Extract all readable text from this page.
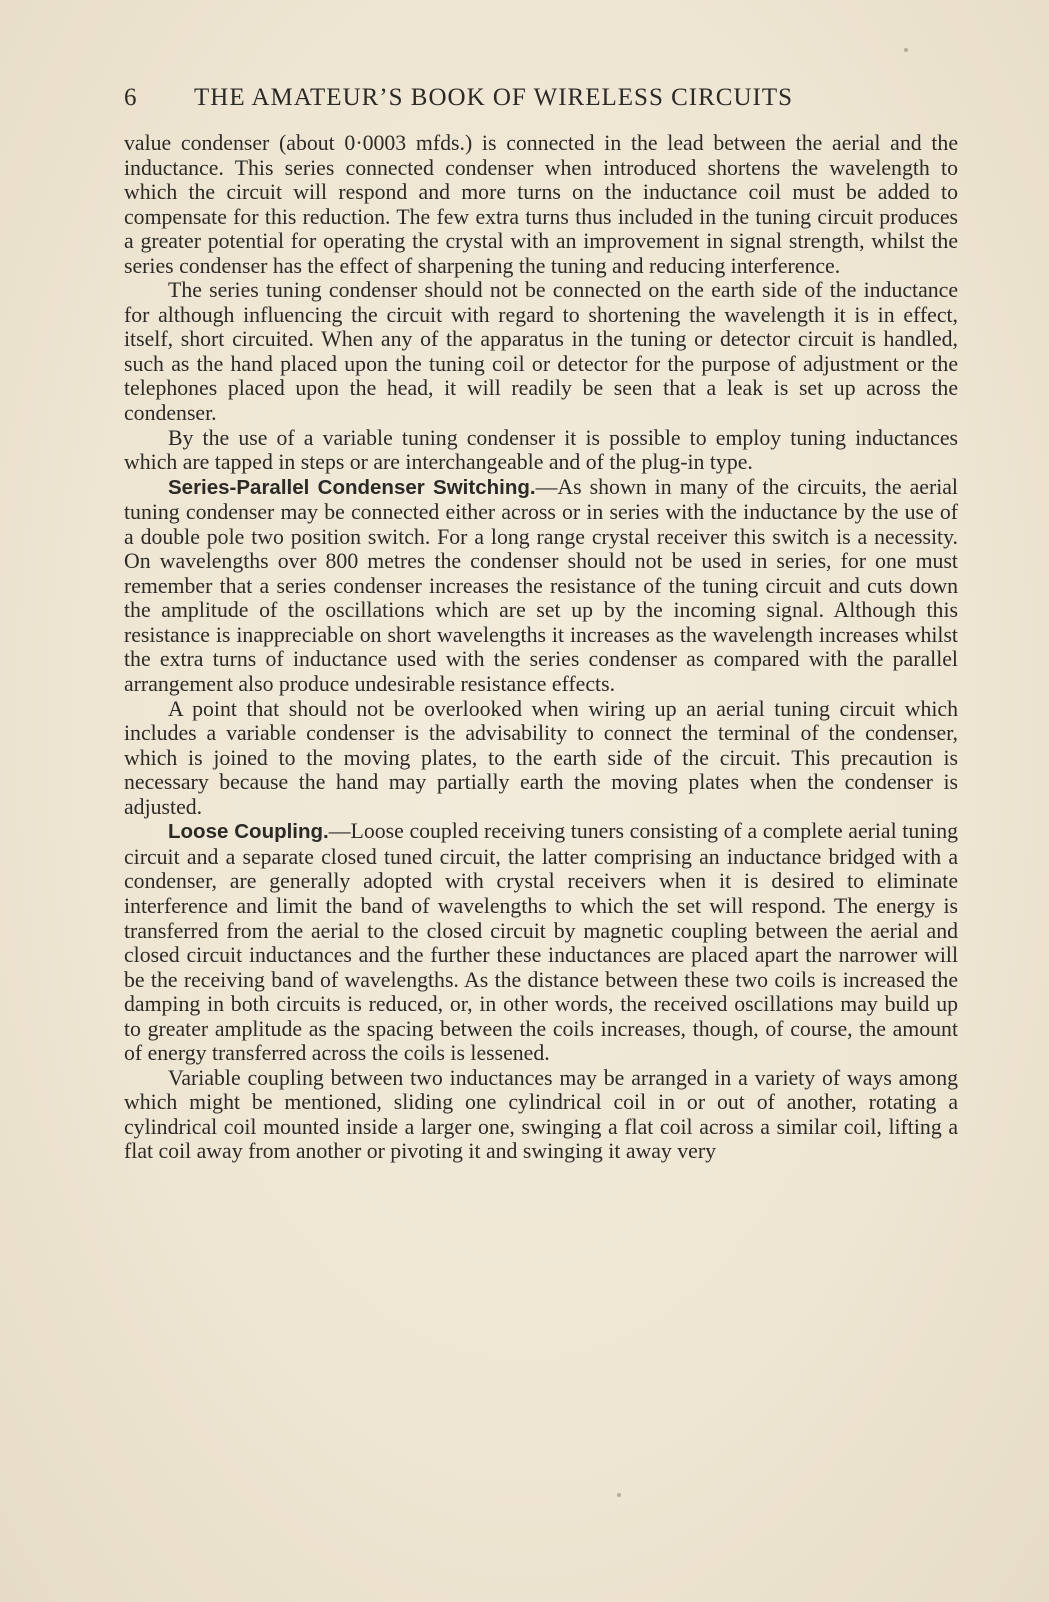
6 THE AMATEUR’S BOOK OF WIRELESS CIRCUITS

value condenser (about 0·0003 mfds.) is connected in the lead between the aerial and the inductance. This series connected condenser when introduced shortens the wavelength to which the circuit will respond and more turns on the inductance coil must be added to compensate for this reduction. The few extra turns thus included in the tuning circuit produces a greater potential for operating the crystal with an improvement in signal strength, whilst the series condenser has the effect of sharpening the tuning and reducing interference.

The series tuning condenser should not be connected on the earth side of the inductance for although influencing the circuit with regard to shortening the wavelength it is in effect, itself, short circuited. When any of the apparatus in the tuning or detector circuit is handled, such as the hand placed upon the tuning coil or detector for the purpose of adjustment or the telephones placed upon the head, it will readily be seen that a leak is set up across the condenser.

By the use of a variable tuning condenser it is possible to employ tuning inductances which are tapped in steps or are interchangeable and of the plug-in type.

Series-Parallel Condenser Switching.—As shown in many of the circuits, the aerial tuning condenser may be connected either across or in series with the inductance by the use of a double pole two position switch. For a long range crystal receiver this switch is a necessity. On wavelengths over 800 metres the condenser should not be used in series, for one must remember that a series condenser increases the resistance of the tuning circuit and cuts down the amplitude of the oscillations which are set up by the incoming signal. Although this resistance is inappreciable on short wavelengths it increases as the wavelength increases whilst the extra turns of inductance used with the series condenser as compared with the parallel arrangement also produce undesirable resistance effects.

A point that should not be overlooked when wiring up an aerial tuning circuit which includes a variable condenser is the advisability to connect the terminal of the condenser, which is joined to the moving plates, to the earth side of the circuit. This precaution is necessary because the hand may partially earth the moving plates when the condenser is adjusted.

Loose Coupling.—Loose coupled receiving tuners consisting of a complete aerial tuning circuit and a separate closed tuned circuit, the latter comprising an inductance bridged with a condenser, are generally adopted with crystal receivers when it is desired to eliminate interference and limit the band of wavelengths to which the set will respond. The energy is transferred from the aerial to the closed circuit by magnetic coupling between the aerial and closed circuit inductances and the further these inductances are placed apart the narrower will be the receiving band of wavelengths. As the distance between these two coils is increased the damping in both circuits is reduced, or, in other words, the received oscillations may build up to greater amplitude as the spacing between the coils increases, though, of course, the amount of energy transferred across the coils is lessened.

Variable coupling between two inductances may be arranged in a variety of ways among which might be mentioned, sliding one cylindrical coil in or out of another, rotating a cylindrical coil mounted inside a larger one, swinging a flat coil across a similar coil, lifting a flat coil away from another or pivoting it and swinging it away very
